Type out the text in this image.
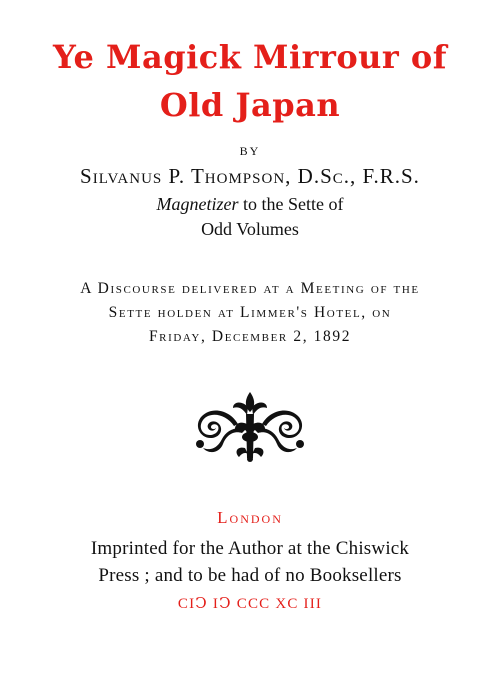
Ye Magick Mirrour of
Old Japan
BY
Silvanus P. Thompson, D.Sc., F.R.S.
Magnetizer to the Sette of
Odd Volumes
A Discourse delivered at a Meeting of the
Sette holden at Limmer's Hotel, on
Friday, December 2, 1892
London
Imprinted for the Author at the Chiswick
Press ; and to be had of no Booksellers
CIↃ IↃ CCC XC III
